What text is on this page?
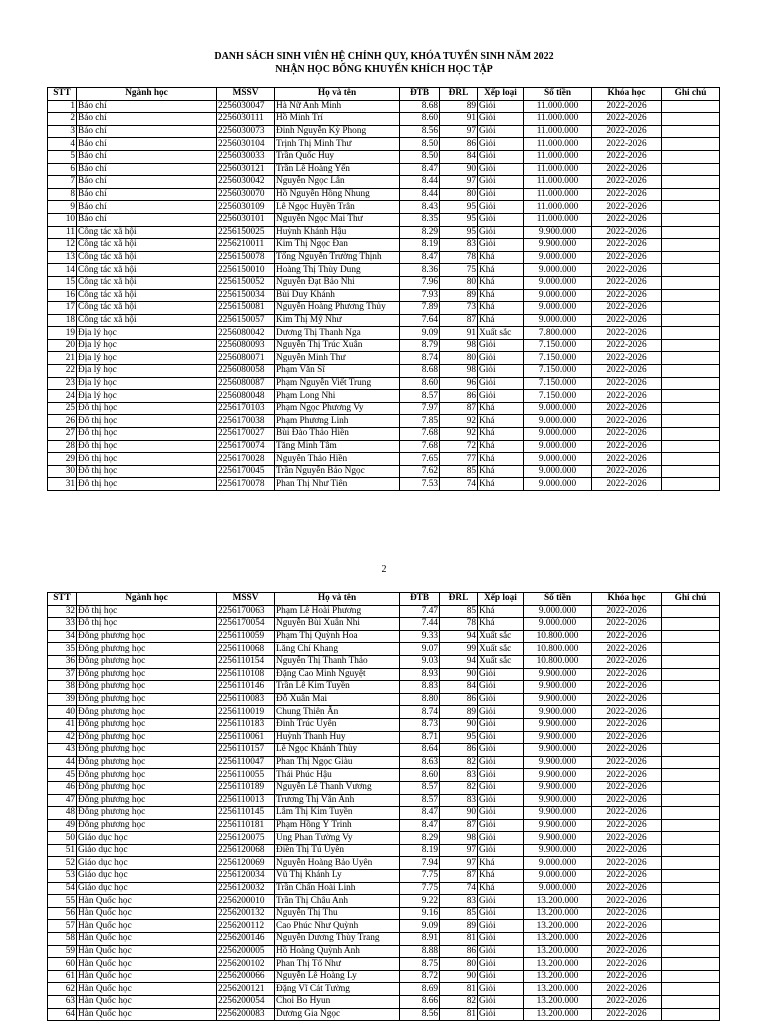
DANH SÁCH SINH VIÊN HỆ CHÍNH QUY, KHÓA TUYỂN SINH NĂM 2022
NHẬN HỌC BỔNG KHUYẾN KHÍCH HỌC TẬP
STT	Ngành học	MSSV	Họ và tên	ĐTB	ĐRL	Xếp loại	Số tiền	Khóa học	Ghi chú
1	Báo chí	2256030047	Hà Nữ Anh Minh	8.68	89	Giỏi	11.000.000	2022-2026	
2	Báo chí	2256030111	Hồ Minh Trí	8.60	91	Giỏi	11.000.000	2022-2026	
3	Báo chí	2256030073	Đinh Nguyễn Kỳ Phong	8.56	97	Giỏi	11.000.000	2022-2026	
4	Báo chí	2256030104	Trịnh Thị Minh Thư	8.50	86	Giỏi	11.000.000	2022-2026	
5	Báo chí	2256030033	Trần Quốc Huy	8.50	84	Giỏi	11.000.000	2022-2026	
6	Báo chí	2256030121	Trần Lê Hoàng Yến	8.47	90	Giỏi	11.000.000	2022-2026	
7	Báo chí	2256030042	Nguyễn Ngọc Lân	8.44	97	Giỏi	11.000.000	2022-2026	
8	Báo chí	2256030070	Hồ Nguyễn Hồng Nhung	8.44	80	Giỏi	11.000.000	2022-2026	
9	Báo chí	2256030109	Lê Ngọc Huyền Trân	8.43	95	Giỏi	11.000.000	2022-2026	
10	Báo chí	2256030101	Nguyễn Ngọc Mai Thư	8.35	95	Giỏi	11.000.000	2022-2026	
11	Công tác xã hội	2256150025	Huỳnh Khánh Hậu	8.29	95	Giỏi	9.900.000	2022-2026	
12	Công tác xã hội	2256210011	Kim Thị Ngọc Đan	8.19	83	Giỏi	9.900.000	2022-2026	
13	Công tác xã hội	2256150078	Tống Nguyễn Trường Thịnh	8.47	78	Khá	9.000.000	2022-2026	
14	Công tác xã hội	2256150010	Hoàng Thị Thùy Dung	8.36	75	Khá	9.000.000	2022-2026	
15	Công tác xã hội	2256150052	Nguyễn Đạt Bảo Nhi	7.96	80	Khá	9.000.000	2022-2026	
16	Công tác xã hội	2256150034	Bùi Duy Khánh	7.93	89	Khá	9.000.000	2022-2026	
17	Công tác xã hội	2256150081	Nguyễn Hoàng Phương Thủy	7.89	73	Khá	9.000.000	2022-2026	
18	Công tác xã hội	2256150057	Kim Thị Mỹ Như	7.64	87	Khá	9.000.000	2022-2026	
19	Địa lý học	2256080042	Dương Thị Thanh Nga	9.09	91	Xuất sắc	7.800.000	2022-2026	
20	Địa lý học	2256080093	Nguyễn Thị Trúc Xuân	8.79	98	Giỏi	7.150.000	2022-2026	
21	Địa lý học	2256080071	Nguyễn Minh Thư	8.74	80	Giỏi	7.150.000	2022-2026	
22	Địa lý học	2256080058	Phạm Văn Sĩ	8.68	98	Giỏi	7.150.000	2022-2026	
23	Địa lý học	2256080087	Phạm Nguyễn Viết Trung	8.60	96	Giỏi	7.150.000	2022-2026	
24	Địa lý học	2256080048	Phạm Long Nhi	8.57	86	Giỏi	7.150.000	2022-2026	
25	Đô thị học	2256170103	Phạm Ngọc Phương Vy	7.97	87	Khá	9.000.000	2022-2026	
26	Đô thị học	2256170038	Phạm Phương Linh	7.85	92	Khá	9.000.000	2022-2026	
27	Đô thị học	2256170027	Bùi Đào Thảo Hiền	7.68	92	Khá	9.000.000	2022-2026	
28	Đô thị học	2256170074	Tăng Minh Tâm	7.68	72	Khá	9.000.000	2022-2026	
29	Đô thị học	2256170028	Nguyễn Thảo Hiền	7.65	77	Khá	9.000.000	2022-2026	
30	Đô thị học	2256170045	Trần Nguyễn Bảo Ngọc	7.62	85	Khá	9.000.000	2022-2026	
31	Đô thị học	2256170078	Phan Thị Như Tiên	7.53	74	Khá	9.000.000	2022-2026	
2
STT	Ngành học	MSSV	Họ và tên	ĐTB	ĐRL	Xếp loại	Số tiền	Khóa học	Ghi chú
32	Đô thị học	2256170063	Phạm Lê Hoài Phương	7.47	85	Khá	9.000.000	2022-2026	
33	Đô thị học	2256170054	Nguyễn Bùi Xuân Nhi	7.44	78	Khá	9.000.000	2022-2026	
34	Đông phương học	2256110059	Phạm Thị Quỳnh Hoa	9.33	94	Xuất sắc	10.800.000	2022-2026	
35	Đông phương học	2256110068	Lăng Chí Khang	9.07	99	Xuất sắc	10.800.000	2022-2026	
36	Đông phương học	2256110154	Nguyễn Thị Thanh Thảo	9.03	94	Xuất sắc	10.800.000	2022-2026	
37	Đông phương học	2256110108	Đặng Cao Minh Nguyệt	8.93	90	Giỏi	9.900.000	2022-2026	
38	Đông phương học	2256110146	Trần Lê Kim Tuyền	8.83	84	Giỏi	9.900.000	2022-2026	
39	Đông phương học	2256110083	Đỗ Xuân Mai	8.80	86	Giỏi	9.900.000	2022-2026	
40	Đông phương học	2256110019	Chung Thiên Ân	8.74	89	Giỏi	9.900.000	2022-2026	
41	Đông phương học	2256110183	Đinh Trúc Uyên	8.73	90	Giỏi	9.900.000	2022-2026	
42	Đông phương học	2256110061	Huỳnh Thanh Huy	8.71	95	Giỏi	9.900.000	2022-2026	
43	Đông phương học	2256110157	Lê Ngọc Khánh Thùy	8.64	86	Giỏi	9.900.000	2022-2026	
44	Đông phương học	2256110047	Phan Thị Ngọc Giàu	8.63	82	Giỏi	9.900.000	2022-2026	
45	Đông phương học	2256110055	Thái Phúc Hậu	8.60	83	Giỏi	9.900.000	2022-2026	
46	Đông phương học	2256110189	Nguyễn Lê Thanh Vương	8.57	82	Giỏi	9.900.000	2022-2026	
47	Đông phương học	2256110013	Trương Thị Vân Anh	8.57	83	Giỏi	9.900.000	2022-2026	
48	Đông phương học	2256110145	Lâm Thị Kim Tuyền	8.47	90	Giỏi	9.900.000	2022-2026	
49	Đông phương học	2256110181	Phạm Hồng Ý Trinh	8.47	87	Giỏi	9.900.000	2022-2026	
50	Giáo dục học	2256120075	Ung Phan Tường Vy	8.29	98	Giỏi	9.900.000	2022-2026	
51	Giáo dục học	2256120068	Điền Thị Tú Uyên	8.19	97	Giỏi	9.900.000	2022-2026	
52	Giáo dục học	2256120069	Nguyễn Hoàng Bảo Uyên	7.94	97	Khá	9.000.000	2022-2026	
53	Giáo dục học	2256120034	Vũ Thị Khánh Ly	7.75	87	Khá	9.000.000	2022-2026	
54	Giáo dục học	2256120032	Trần Chấn Hoài Linh	7.75	74	Khá	9.000.000	2022-2026	
55	Hàn Quốc học	2256200010	Trần Thị Châu Anh	9.22	83	Giỏi	13.200.000	2022-2026	
56	Hàn Quốc học	2256200132	Nguyễn Thị Thu	9.16	85	Giỏi	13.200.000	2022-2026	
57	Hàn Quốc học	2256200112	Cao Phúc Như Quỳnh	9.09	89	Giỏi	13.200.000	2022-2026	
58	Hàn Quốc học	2256200146	Nguyễn Dương Thùy Trang	8.91	81	Giỏi	13.200.000	2022-2026	
59	Hàn Quốc học	2256200005	Hồ Hoàng Quỳnh Anh	8.88	86	Giỏi	13.200.000	2022-2026	
60	Hàn Quốc học	2256200102	Phan Thị Tố Như	8.75	80	Giỏi	13.200.000	2022-2026	
61	Hàn Quốc học	2256200066	Nguyễn Lê Hoàng Ly	8.72	90	Giỏi	13.200.000	2022-2026	
62	Hàn Quốc học	2256200121	Đặng Vĩ Cát Tường	8.69	81	Giỏi	13.200.000	2022-2026	
63	Hàn Quốc học	2256200054	Choi Bo Hyun	8.66	82	Giỏi	13.200.000	2022-2026	
64	Hàn Quốc học	2256200083	Dương Gia Ngọc	8.56	81	Giỏi	13.200.000	2022-2026	
